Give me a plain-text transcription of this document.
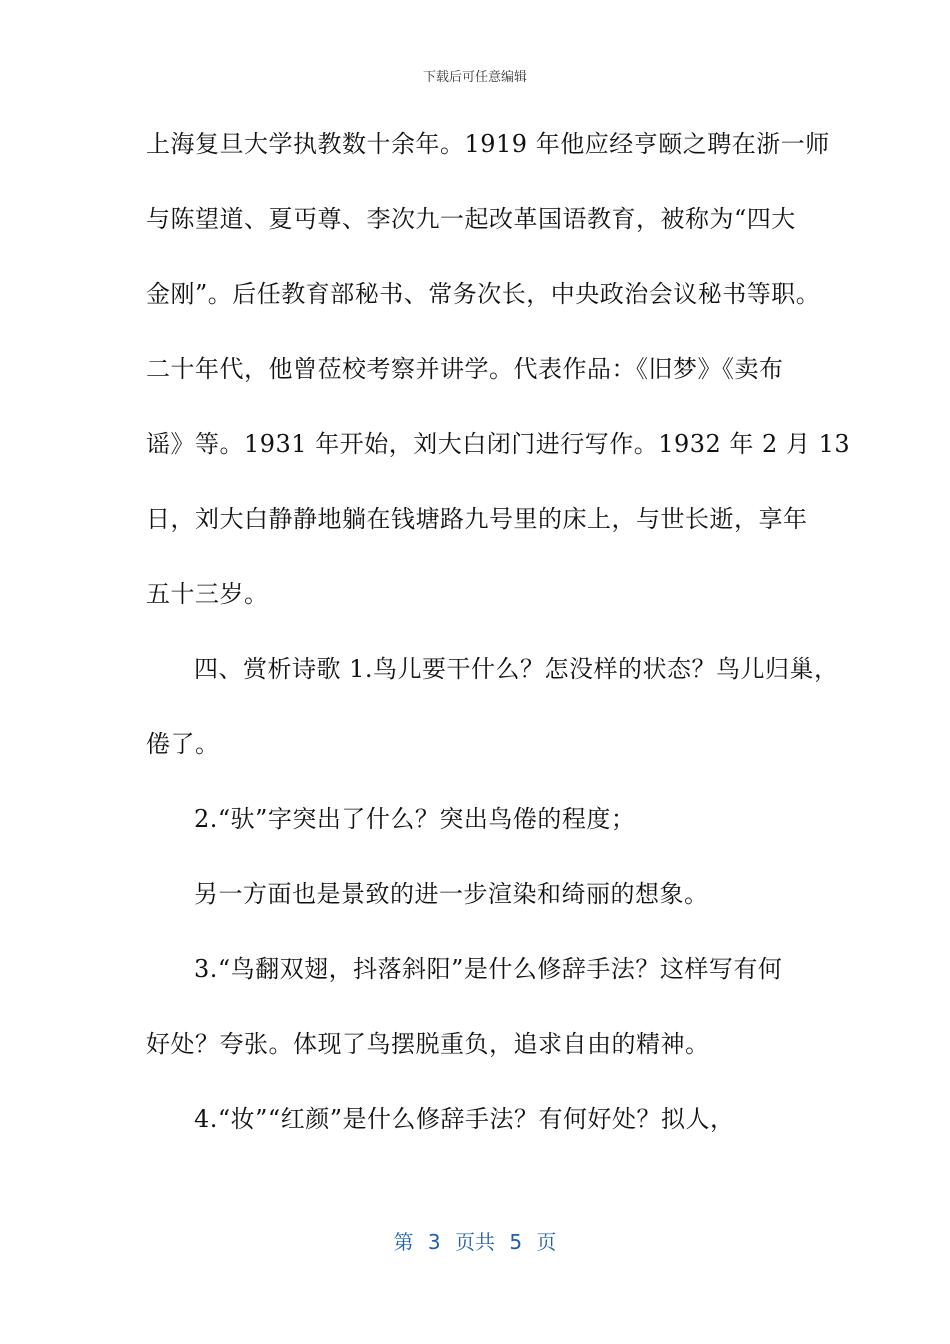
下载后可任意编辑
上海复旦大学执教数十余年。1919 年他应经亨颐之聘在浙一师
与陈望道、夏丏尊、李次九一起改革国语教育，被称为“四大
金刚”。后任教育部秘书、常务次长，中央政治会议秘书等职。
二十年代，他曾莅校考察并讲学。代表作品：《旧梦》《卖布
谣》等。1931 年开始，刘大白闭门进行写作。1932 年 2 月 13
日，刘大白静静地躺在钱塘路九号里的床上，与世长逝，享年
五十三岁。
四、赏析诗歌 1.鸟儿要干什么？怎没样的状态？鸟儿归巢，
倦了。
2.“驮”字突出了什么？突出鸟倦的程度；
另一方面也是景致的进一步渲染和绮丽的想象。
3.“鸟翻双翅，抖落斜阳”是什么修辞手法？这样写有何
好处？夸张。体现了鸟摆脱重负，追求自由的精神。
4.“妆”“红颜”是什么修辞手法？有何好处？拟人，
第 3 页共 5 页
